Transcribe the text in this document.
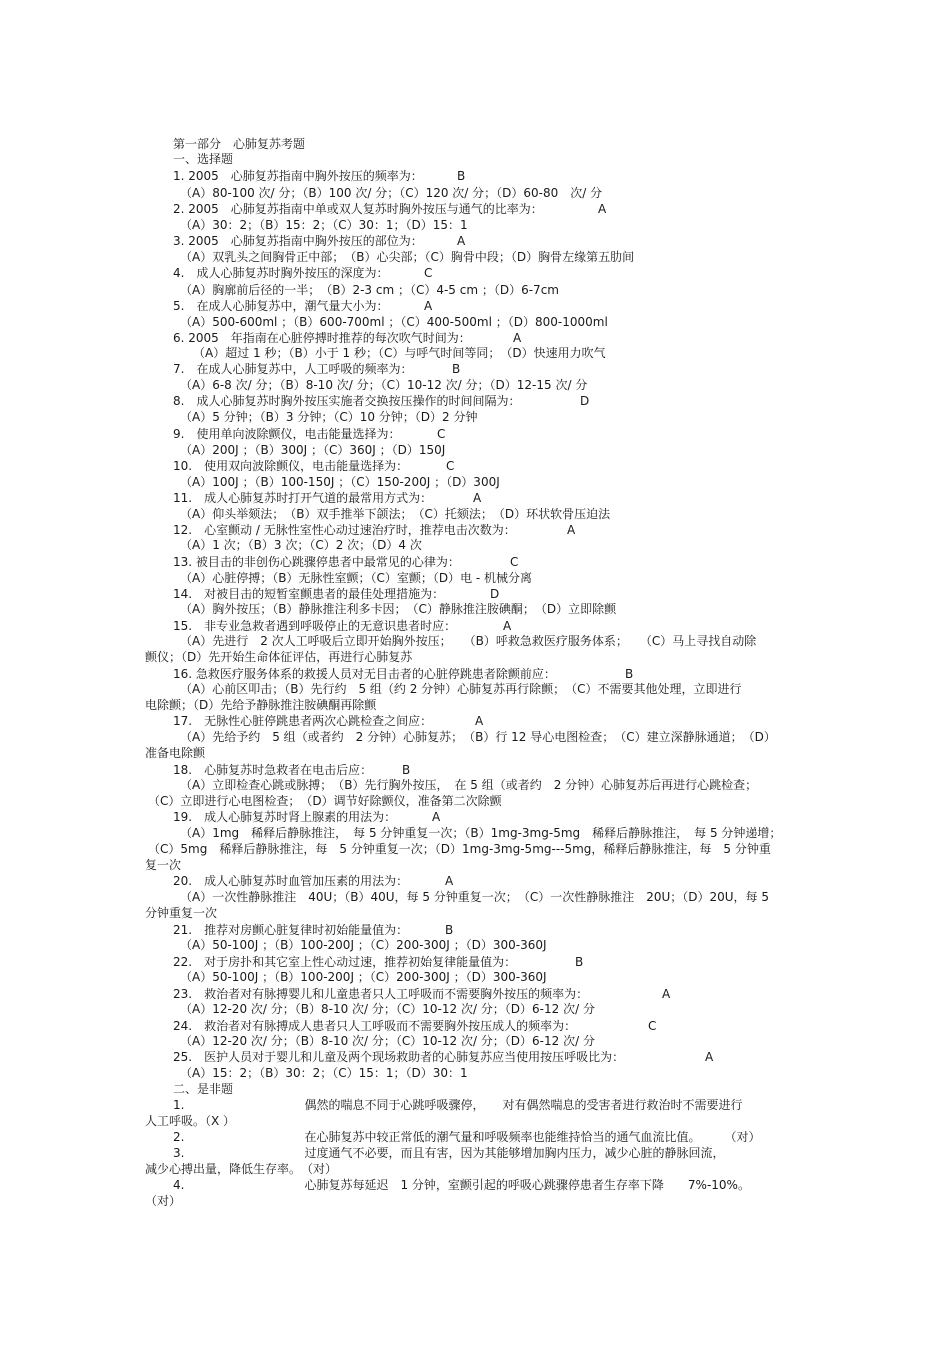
第一部分　心肺复苏考题
一、选择题
1. 2005　心肺复苏指南中胸外按压的频率为：	B
（A）80-100 次/ 分；（B）100 次/ 分；（C）120 次/ 分；（D）60-80　次/ 分
2. 2005　心肺复苏指南中单或双人复苏时胸外按压与通气的比率为：	A
（A）30：2；（B）15：2；（C）30：1；（D）15：1
3. 2005　心肺复苏指南中胸外按压的部位为：	A
（A）双乳头之间胸骨正中部；　（B）心尖部；（C）胸骨中段；（D）胸骨左缘第五肋间
4.　成人心肺复苏时胸外按压的深度为：	C
（A）胸廓前后径的一半；　（B）2-3 cm ；（C）4-5 cm ；（D）6-7cm
5.　在成人心肺复苏中，潮气量大小为：	A
（A）500-600ml ；（B）600-700ml ；（C）400-500ml ；（D）800-1000ml
6. 2005　年指南在心脏停搏时推荐的每次吹气时间为：	A
（A）超过 1 秒；（B）小于 1 秒；（C）与呼气时间等同；　（D）快速用力吹气
7.　在成人心肺复苏中，人工呼吸的频率为：	B
（A）6-8 次/ 分；（B）8-10 次/ 分；（C）10-12 次/ 分；（D）12-15 次/ 分
8.　成人心肺复苏时胸外按压实施者交换按压操作的时间间隔为：	D
（A）5 分钟；（B）3 分钟；（C）10 分钟；（D）2 分钟
9.　使用单向波除颤仪，电击能量选择为：	C
（A）200J ；（B）300J ；（C）360J ；（D）150J
10.　使用双向波除颤仪，电击能量选择为：	C
（A）100J ；（B）100-150J ；（C）150-200J ；（D）300J
11.　成人心肺复苏时打开气道的最常用方式为：	A
（A）仰头举颏法；　（B）双手推举下颌法；　（C）托颏法；　（D）环状软骨压迫法
12.　心室颤动 / 无脉性室性心动过速治疗时，推荐电击次数为：	A
（A）1 次；（B）3 次；（C）2 次；（D）4 次
13. 被目击的非创伤心跳骤停患者中最常见的心律为：	C
（A）心脏停搏；（B）无脉性室颤；（C）室颤；（D）电 - 机械分离
14.　对被目击的短暂室颤患者的最佳处理措施为：	D
（A）胸外按压；（B）静脉推注利多卡因；　（C）静脉推注胺碘酮；　（D）立即除颤
15.　非专业急救者遇到呼吸停止的无意识患者时应：	A
（A）先进行　2 次人工呼吸后立即开始胸外按压；　　（B）呼救急救医疗服务体系；　　（C）马上寻找自动除
颤仪；（D）先开始生命体征评估，再进行心肺复苏
16. 急救医疗服务体系的救援人员对无目击者的心脏停跳患者除颤前应：	B
（A）心前区叩击；（B）先行约　5 组（约 2 分钟）心肺复苏再行除颤；　（C）不需要其他处理，立即进行
电除颤；（D）先给予静脉推注胺碘酮再除颤
17.　无脉性心脏停跳患者两次心跳检查之间应：	A
（A）先给予约　5 组（或者约　2 分钟）心肺复苏；　（B）行 12 导心电图检查；　（C）建立深静脉通道；　（D）
准备电除颤
18.　心肺复苏时急救者在电击后应： B
（A）立即检查心跳或脉搏；　（B）先行胸外按压，　在 5 组（或者约　2 分钟）心肺复苏后再进行心跳检查；
（C）立即进行心电图检查；　（D）调节好除颤仪，准备第二次除颤
19.　成人心肺复苏时肾上腺素的用法为：	A
（A）1mg　稀释后静脉推注，　每 5 分钟重复一次；（B）1mg-3mg-5mg　稀释后静脉推注，　每 5 分钟递增；
（C）5mg　稀释后静脉推注，每　5 分钟重复一次；（D）1mg-3mg-5mg---5mg，稀释后静脉推注，每　5 分钟重
复一次
20.　成人心肺复苏时血管加压素的用法为：	A
（A）一次性静脉推注　40U；（B）40U，每 5 分钟重复一次；　（C）一次性静脉推注　20U；（D）20U，每 5
分钟重复一次
21.　推荐对房颤心脏复律时初始能量值为：	B
（A）50-100J ；（B）100-200J ；（C）200-300J ；（D）300-360J
22.　对于房扑和其它室上性心动过速，推荐初始复律能量值为：	B
（A）50-100J ；（B）100-200J ；（C）200-300J ；（D）300-360J
23.　救治者对有脉搏婴儿和儿童患者只人工呼吸而不需要胸外按压的频率为：	A
（A）12-20 次/ 分；（B）8-10 次/ 分；（C）10-12 次/ 分；（D）6-12 次/ 分
24.　救治者对有脉搏成人患者只人工呼吸而不需要胸外按压成人的频率为：	C
（A）12-20 次/ 分；（B）8-10 次/ 分；（C）10-12 次/ 分；（D）6-12 次/ 分
25.　医护人员对于婴儿和儿童及两个现场救助者的心肺复苏应当使用按压呼吸比为：	A
（A）15：2；（B）30：2；（C）15：1；（D）30：1
1.　　　　　　　　　　偶然的喘息不同于心跳呼吸骤停，　　对有偶然喘息的受害者进行救治时不需要进行
人工呼吸。（X ）
2.　　　　　　　　　　在心肺复苏中较正常低的潮气量和呼吸频率也能维持恰当的通气血流比值。　　　（对）
3.　　　　　　　　　　过度通气不必要，而且有害，因为其能够增加胸内压力，减少心脏的静脉回流，
减少心搏出量，降低生存率。　（对）
4.　　　　　　　　　　心肺复苏每延迟　1 分钟，室颤引起的呼吸心跳骤停患者生存率下降　　7%-10%。
（对）
二、是非题
